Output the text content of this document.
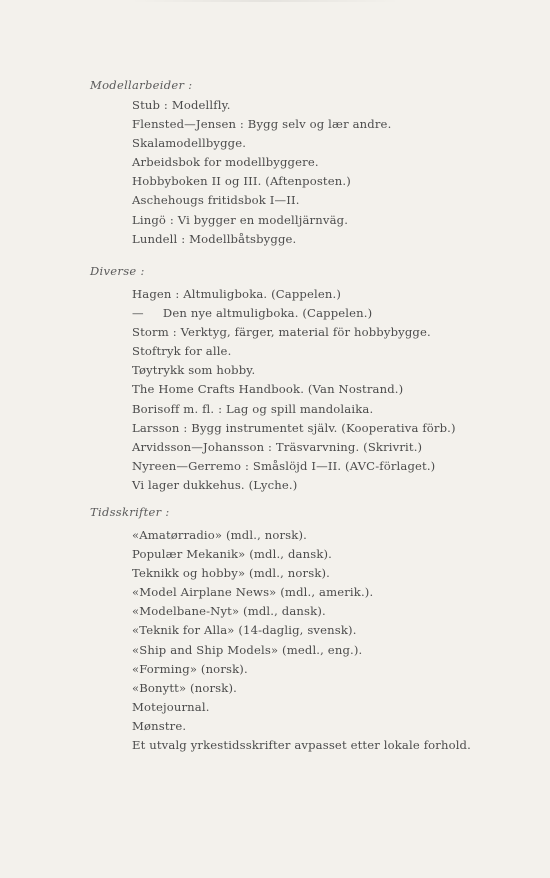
Modellarbeider :
Stub : Modellfly.
Flensted—Jensen : Bygg selv og lær andre.
Skalamodellbygge.
Arbeidsbok for modellbyggere.
Hobbyboken II og III. (Aftenposten.)
Aschehougs fritidsbok I—II.
Lingö : Vi bygger en modelljärnväg.
Lundell : Modellbåtsbygge.
Diverse :
Hagen : Altmuligboka. (Cappelen.)
—     Den nye altmuligboka. (Cappelen.)
Storm : Verktyg, färger, material för hobbybygge.
Stoftryk for alle.
Tøytrykk som hobby.
The Home Crafts Handbook. (Van Nostrand.)
Borisoff m. fl. : Lag og spill mandolaika.
Larsson : Bygg instrumentet själv. (Kooperativa förb.)
Arvidsson—Johansson : Träsvarvning. (Skrivrit.)
Nyreen—Gerremo : Småslöjd I—II. (AVC-förlaget.)
Vi lager dukkehus. (Lyche.)
Tidsskrifter :
«Amatørradio» (mdl., norsk).
Populær Mekanik» (mdl., dansk).
Teknikk og hobby» (mdl., norsk).
«Model Airplane News» (mdl., amerik.).
«Modelbane-Nyt» (mdl., dansk).
«Teknik for Alla» (14-daglig, svensk).
«Ship and Ship Models» (medl., eng.).
«Forming» (norsk).
«Bonytt» (norsk).
Motejournal.
Mønstre.
Et utvalg yrkestidsskrifter avpasset etter lokale forhold.
